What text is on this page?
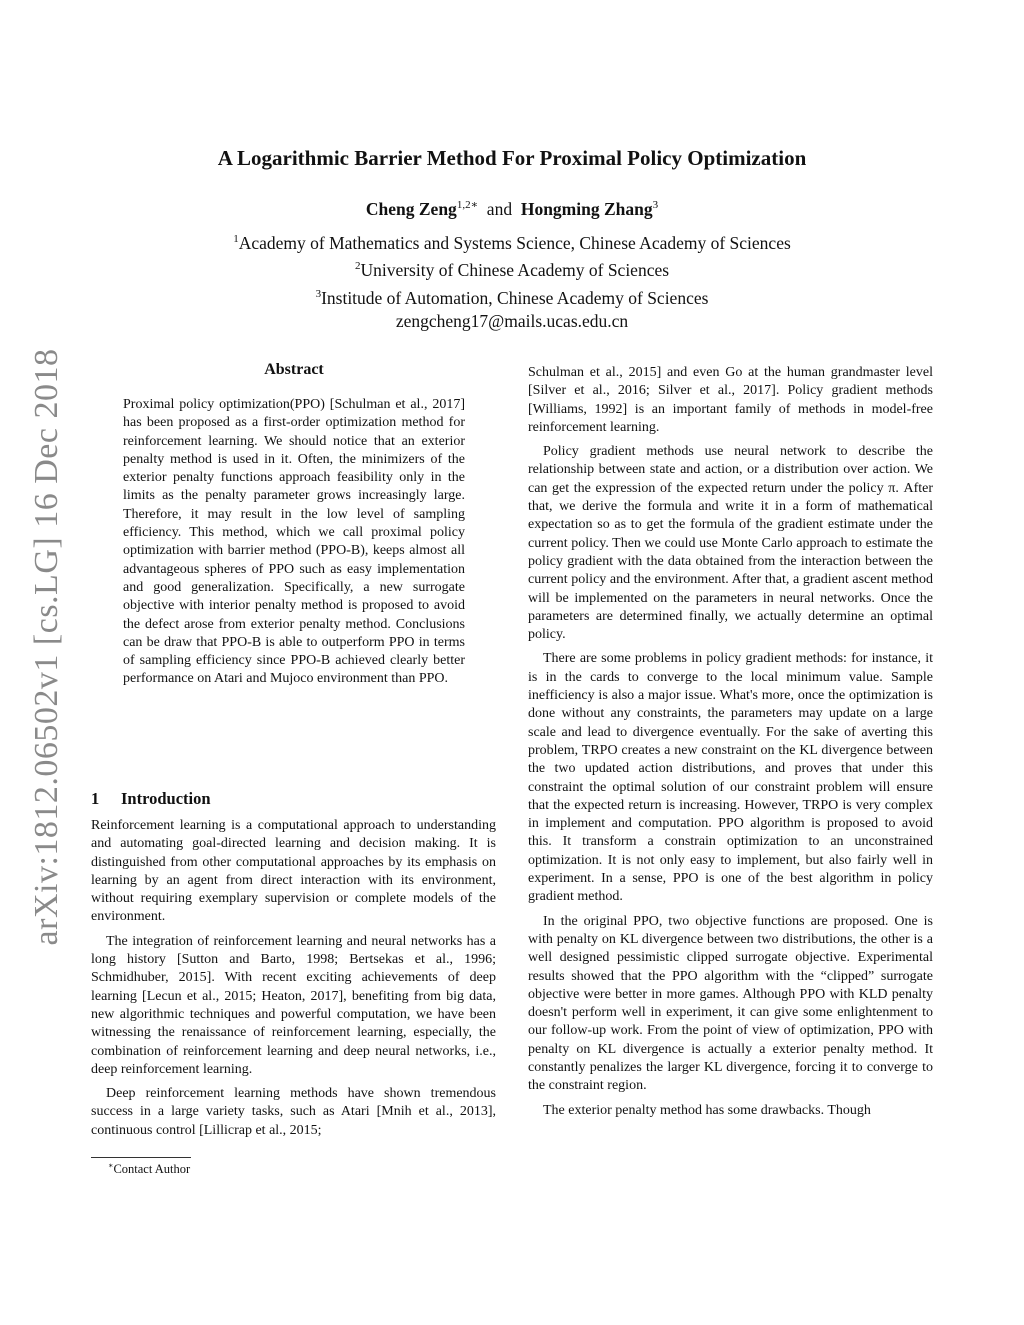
arXiv:1812.06502v1 [cs.LG] 16 Dec 2018
A Logarithmic Barrier Method For Proximal Policy Optimization
Cheng Zeng$^{1,2∗}$ and Hongming Zhang$^3$
$^1$Academy of Mathematics and Systems Science, Chinese Academy of Sciences
$^2$University of Chinese Academy of Sciences
$^3$Institude of Automation, Chinese Academy of Sciences
zengcheng17@mails.ucas.edu.cn
Abstract
Proximal policy optimization(PPO) [Schulman et al., 2017] has been proposed as a first-order optimization method for reinforcement learning. We should notice that an exterior penalty method is used in it. Often, the minimizers of the exterior penalty functions approach feasibility only in the limits as the penalty parameter grows increasingly large. Therefore, it may result in the low level of sampling efficiency. This method, which we call proximal policy optimization with barrier method (PPO-B), keeps almost all advantageous spheres of PPO such as easy implementation and good generalization. Specifically, a new surrogate objective with interior penalty method is proposed to avoid the defect arose from exterior penalty method. Conclusions can be draw that PPO-B is able to outperform PPO in terms of sampling efficiency since PPO-B achieved clearly better performance on Atari and Mujoco environment than PPO.
1 Introduction

Reinforcement learning is a computational approach to understanding and automating goal-directed learning and decision making. It is distinguished from other computational approaches by its emphasis on learning by an agent from direct interaction with its environment, without requiring exemplary supervision or complete models of the environment.

The integration of reinforcement learning and neural networks has a long history [Sutton and Barto, 1998; Bertsekas et al., 1996; Schmidhuber, 2015]. With recent exciting achievements of deep learning [Lecun et al., 2015; Heaton, 2017], benefiting from big data, new algorithmic techniques and powerful computation, we have been witnessing the renaissance of reinforcement learning, especially, the combination of reinforcement learning and deep neural networks, i.e., deep reinforcement learning.

Deep reinforcement learning methods have shown tremendous success in a large variety tasks, such as Atari [Mnih et al., 2013], continuous control [Lillicrap et al., 2015;

∗Contact Author

Schulman et al., 2015] and even Go at the human grandmaster level [Silver et al., 2016; Silver et al., 2017]. Policy gradient methods [Williams, 1992] is an important family of methods in model-free reinforcement learning.

Policy gradient methods use neural network to describe the relationship between state and action, or a distribution over action. We can get the expression of the expected return under the policy π. After that, we derive the formula and write it in a form of mathematical expectation so as to get the formula of the gradient estimate under the current policy. Then we could use Monte Carlo approach to estimate the policy gradient with the data obtained from the interaction between the current policy and the environment. After that, a gradient ascent method will be implemented on the parameters in neural networks. Once the parameters are determined finally, we actually determine an optimal policy.

There are some problems in policy gradient methods: for instance, it is in the cards to converge to the local minimum value. Sample inefficiency is also a major issue. What's more, once the optimization is done without any constraints, the parameters may update on a large scale and lead to divergence eventually. For the sake of averting this problem, TRPO creates a new constraint on the KL divergence between the two updated action distributions, and proves that under this constraint the optimal solution of our constraint problem will ensure that the expected return is increasing. However, TRPO is very complex in implement and computation. PPO algorithm is proposed to avoid this. It transform a constrain optimization to an unconstrained optimization. It is not only easy to implement, but also fairly well in experiment. In a sense, PPO is one of the best algorithm in policy gradient method.

In the original PPO, two objective functions are proposed. One is with penalty on KL divergence between two distributions, the other is a well designed pessimistic clipped surrogate objective. Experimental results showed that the PPO algorithm with the “clipped” surrogate objective were better in more games. Although PPO with KLD penalty doesn't perform well in experiment, it can give some enlightenment to our follow-up work. From the point of view of optimization, PPO with penalty on KL divergence is actually a exterior penalty method. It constantly penalizes the larger KL divergence, forcing it to converge to the constraint region.

The exterior penalty method has some drawbacks. Though
